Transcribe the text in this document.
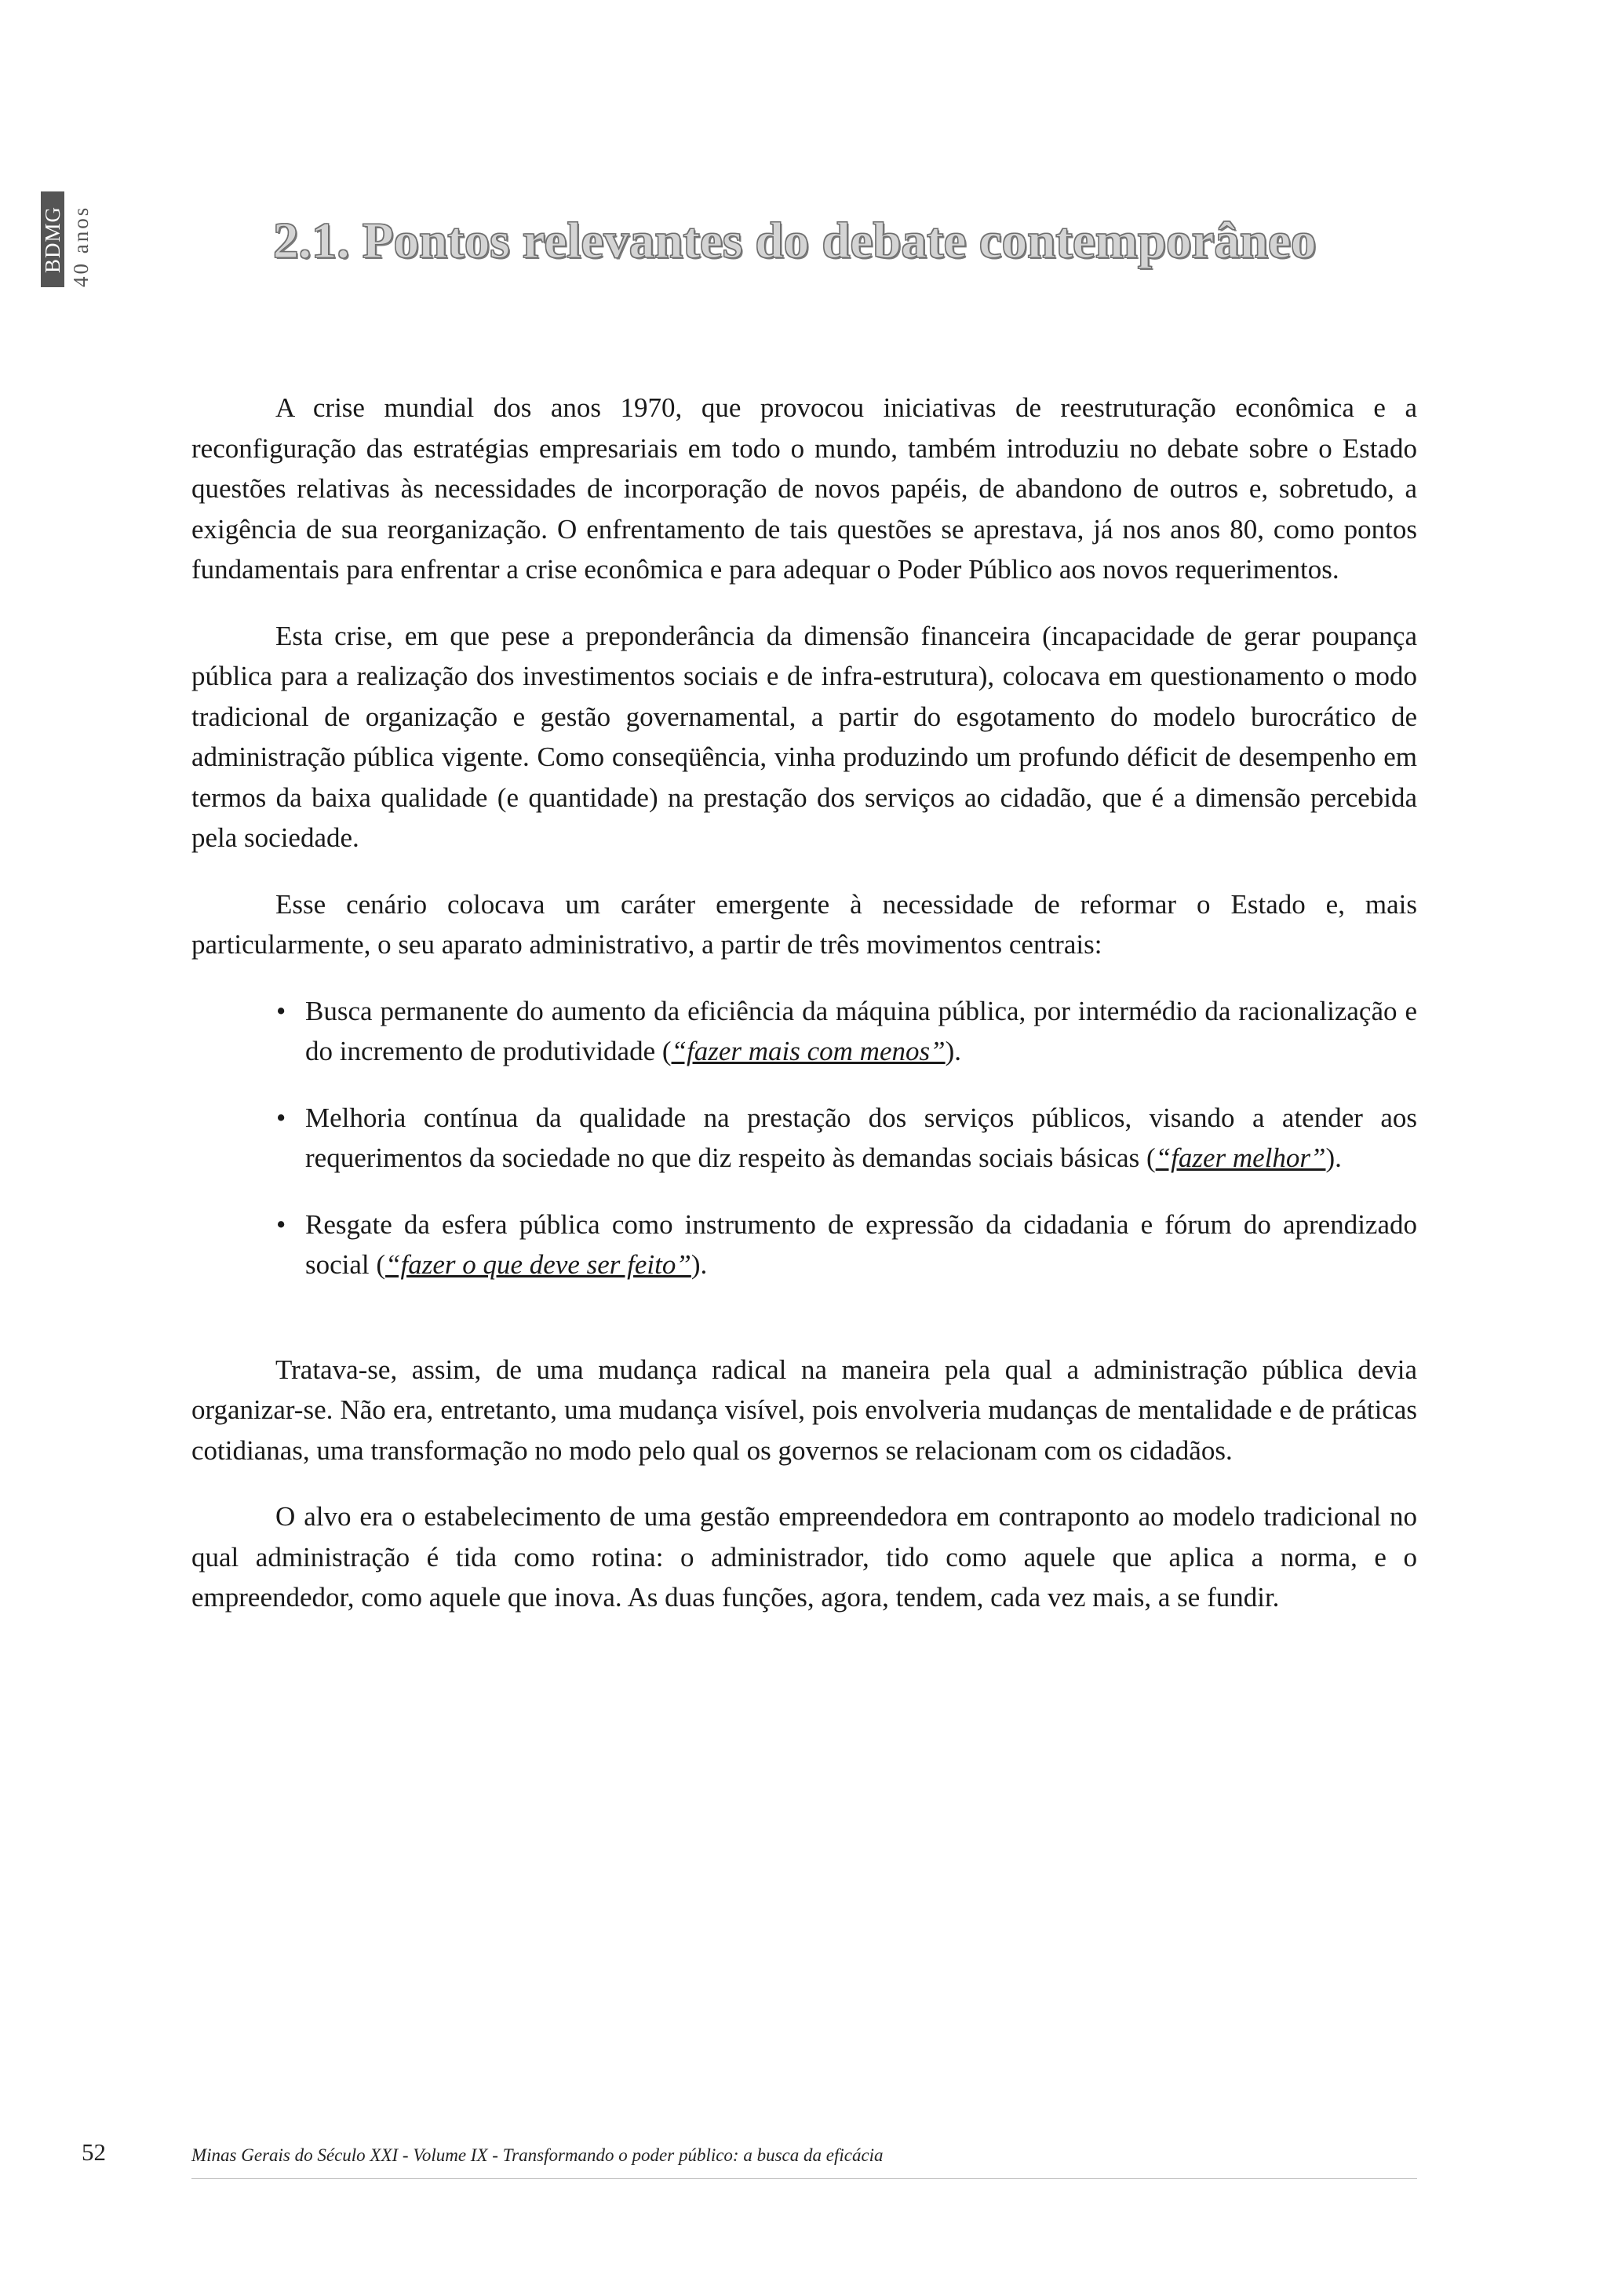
BDMG 40 anos	2.1. Pontos relevantes do debate contemporâneo

A crise mundial dos anos 1970, que provocou iniciativas de reestruturação econômica e a reconfiguração das estratégias empresariais em todo o mundo, também introduziu no debate sobre o Estado questões relativas às necessidades de incorporação de novos papéis, de abandono de outros e, sobretudo, a exigência de sua reorganização. O enfrentamento de tais questões se aprestava, já nos anos 80, como pontos fundamentais para enfrentar a crise econômica e para adequar o Poder Público aos novos requerimentos.

Esta crise, em que pese a preponderância da dimensão financeira (incapacidade de gerar poupança pública para a realização dos investimentos sociais e de infra-estrutura), colocava em questionamento o modo tradicional de organização e gestão governamental, a partir do esgotamento do modelo burocrático de administração pública vigente. Como conseqüência, vinha produzindo um profundo déficit de desempenho em termos da baixa qualidade (e quantidade) na prestação dos serviços ao cidadão, que é a dimensão percebida pela sociedade.

Esse cenário colocava um caráter emergente à necessidade de reformar o Estado e, mais particularmente, o seu aparato administrativo, a partir de três movimentos centrais:

• Busca permanente do aumento da eficiência da máquina pública, por intermédio da racionalização e do incremento de produtividade (“fazer mais com menos”).
• Melhoria contínua da qualidade na prestação dos serviços públicos, visando a atender aos requerimentos da sociedade no que diz respeito às demandas sociais básicas (“fazer melhor”).
• Resgate da esfera pública como instrumento de expressão da cidadania e fórum do aprendizado social (“fazer o que deve ser feito”).

Tratava-se, assim, de uma mudança radical na maneira pela qual a administração pública devia organizar-se. Não era, entretanto, uma mudança visível, pois envolveria mudanças de mentalidade e de práticas cotidianas, uma transformação no modo pelo qual os governos se relacionam com os cidadãos.

O alvo era o estabelecimento de uma gestão empreendedora em contraponto ao modelo tradicional no qual administração é tida como rotina: o administrador, tido como aquele que aplica a norma, e o empreendedor, como aquele que inova. As duas funções, agora, tendem, cada vez mais, a se fundir.

52	Minas Gerais do Século XXI - Volume IX - Transformando o poder público: a busca da eficácia
